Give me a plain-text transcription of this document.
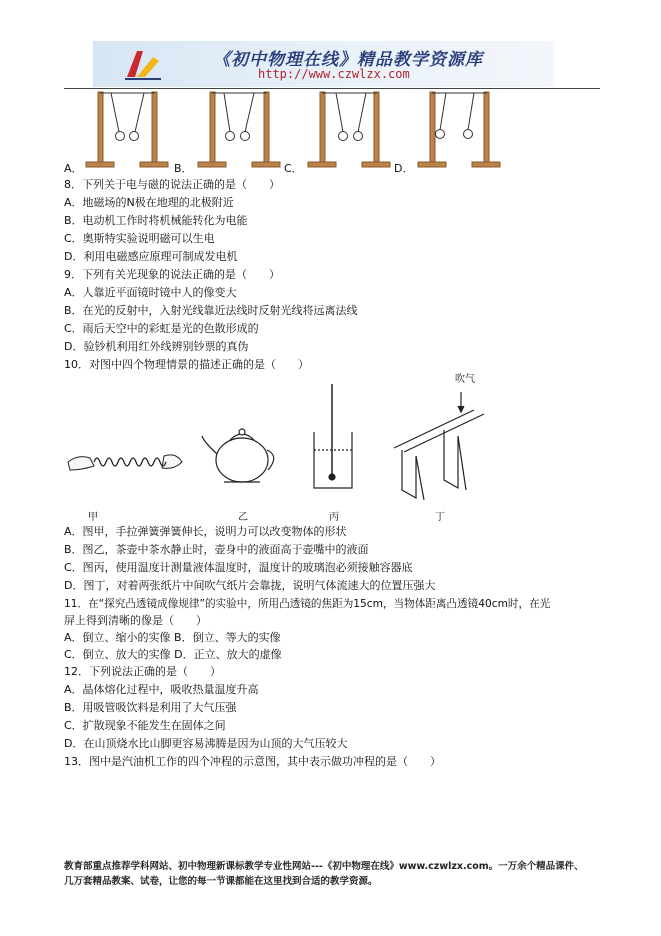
《初中物理在线》精品教学资源库
http://www.czwlzx.com
A．	B．	C．	D．
8．下列关于电与磁的说法正确的是（　　）
A．地磁场的N极在地理的北极附近
B．电动机工作时将机械能转化为电能
C．奥斯特实验说明磁可以生电
D．利用电磁感应原理可制成发电机
9．下列有关光现象的说法正确的是（　　）
A．人靠近平面镜时镜中人的像变大
B．在光的反射中，入射光线靠近法线时反射光线将远离法线
C．雨后天空中的彩虹是光的色散形成的
D．验钞机利用红外线辨别钞票的真伪
10．对图中四个物理情景的描述正确的是（　　）
吹气
甲	乙	丙	丁
A．图甲，手拉弹簧弹簧伸长，说明力可以改变物体的形状
B．图乙，茶壶中茶水静止时，壶身中的液面高于壶嘴中的液面
C．图丙，使用温度计测量液体温度时，温度计的玻璃泡必须接触容器底
D．图丁，对着两张纸片中间吹气纸片会靠拢，说明气体流速大的位置压强大
11．在“探究凸透镜成像规律”的实验中，所用凸透镜的焦距为15cm，当物体距离凸透镜40cm时，在光
屏上得到清晰的像是（　　）
A．倒立、缩小的实像 B．倒立、等大的实像
C．倒立、放大的实像 D．正立、放大的虚像
12．下列说法正确的是（　　）
A．晶体熔化过程中，吸收热量温度升高
B．用吸管吸饮料是利用了大气压强
C．扩散现象不能发生在固体之间
D．在山顶烧水比山脚更容易沸腾是因为山顶的大气压较大
13．图中是汽油机工作的四个冲程的示意图，其中表示做功冲程的是（　　）
教育部重点推荐学科网站、初中物理新课标教学专业性网站---《初中物理在线》www.czwlzx.com。一万余个精品课件、
几万套精品教案、试卷，让您的每一节课都能在这里找到合适的教学资源。
